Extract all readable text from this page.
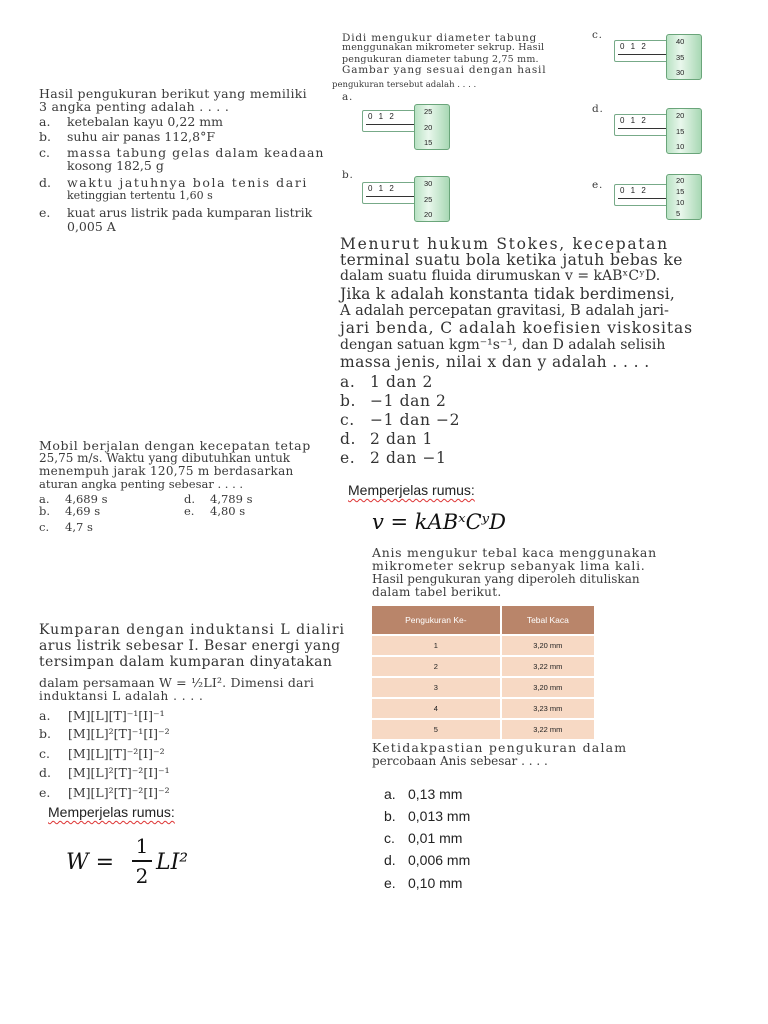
Didi mengukur diameter tabung
menggunakan mikrometer sekrup. Hasil
pengukuran diameter tabung 2,75 mm.
Gambar yang sesuai dengan hasil
pengukuran tersebut adalah . . . .
a.
b.
c.
d.
e.
0 1 2
25
20
15
0 1 2
30
25
20
0 1 2
40
35
30
0 1 2
20
15
10
0 1 2
20
15
10
5
Hasil pengukuran berikut yang memiliki
3 angka penting adalah . . . .
a. ketebalan kayu 0,22 mm
b. suhu air panas 112,8°F
c. massa tabung gelas dalam keadaan
kosong 182,5 g
d. waktu jatuhnya bola tenis dari
ketinggian tertentu 1,60 s
e. kuat arus listrik pada kumparan listrik
0,005 A
Menurut hukum Stokes, kecepatan
terminal suatu bola ketika jatuh bebas ke
dalam suatu fluida dirumuskan v = kABˣCʸD.
Jika k adalah konstanta tidak berdimensi,
A adalah percepatan gravitasi, B adalah jari-
jari benda, C adalah koefisien viskositas
dengan satuan kgm⁻¹s⁻¹, dan D adalah selisih
massa jenis, nilai x dan y adalah . . . .
a. 1 dan 2
b. −1 dan 2
c. −1 dan −2
d. 2 dan 1
e. 2 dan −1
Memperjelas rumus:
v = kABˣCʸD
Mobil berjalan dengan kecepatan tetap
25,75 m/s. Waktu yang dibutuhkan untuk
menempuh jarak 120,75 m berdasarkan
aturan angka penting sebesar . . . .
a. 4,689 s
b. 4,69 s
c. 4,7 s
d. 4,789 s
e. 4,80 s
Anis mengukur tebal kaca menggunakan
mikrometer sekrup sebanyak lima kali.
Hasil pengukuran yang diperoleh dituliskan
dalam tabel berikut.
Pengukuran Ke-	Tebal Kaca
1	3,20 mm
2	3,22 mm
3	3,20 mm
4	3,23 mm
5	3,22 mm
Ketidakpastian pengukuran dalam
percobaan Anis sebesar . . . .
a. 0,13 mm
b. 0,013 mm
c. 0,01 mm
d. 0,006 mm
e. 0,10 mm
Kumparan dengan induktansi L dialiri
arus listrik sebesar I. Besar energi yang
tersimpan dalam kumparan dinyatakan
dalam persamaan W = ½LI². Dimensi dari
induktansi L adalah . . . .
a. [M][L][T]⁻¹[I]⁻¹
b. [M][L]²[T]⁻¹[I]⁻²
c. [M][L][T]⁻²[I]⁻²
d. [M][L]²[T]⁻²[I]⁻¹
e. [M][L]²[T]⁻²[I]⁻²
Memperjelas rumus:
W =
1
2
LI²
